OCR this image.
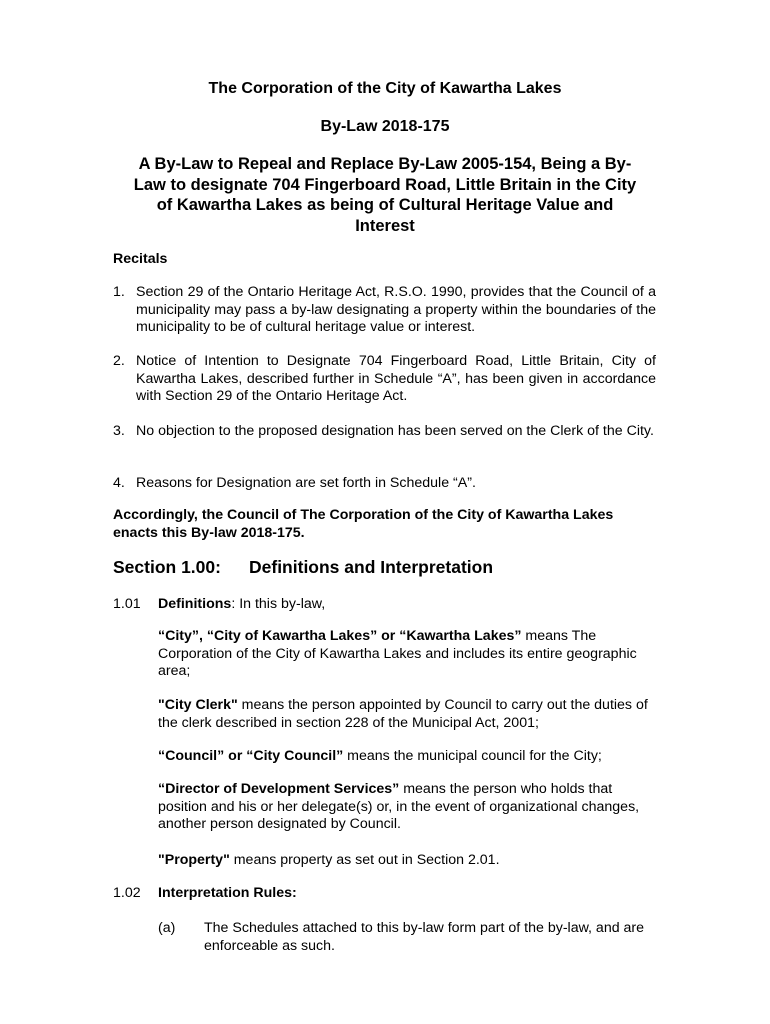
The Corporation of the City of Kawartha Lakes
By-Law 2018-175
A By-Law to Repeal and Replace By-Law 2005-154, Being a By-
Law to designate 704 Fingerboard Road, Little Britain in the City
of Kawartha Lakes as being of Cultural Heritage Value and
Interest
Recitals
1. Section 29 of the Ontario Heritage Act, R.S.O. 1990, provides that the Council of a municipality may pass a by-law designating a property within the boundaries of the municipality to be of cultural heritage value or interest.
2. Notice of Intention to Designate 704 Fingerboard Road, Little Britain, City of Kawartha Lakes, described further in Schedule “A”, has been given in accordance with Section 29 of the Ontario Heritage Act.
3. No objection to the proposed designation has been served on the Clerk of the City.
4. Reasons for Designation are set forth in Schedule “A”.
Accordingly, the Council of The Corporation of the City of Kawartha Lakes enacts this By-law 2018-175.
Section 1.00: Definitions and Interpretation
1.01 Definitions: In this by-law,
“City”, “City of Kawartha Lakes” or “Kawartha Lakes” means The Corporation of the City of Kawartha Lakes and includes its entire geographic area;
"City Clerk" means the person appointed by Council to carry out the duties of the clerk described in section 228 of the Municipal Act, 2001;
“Council” or “City Council” means the municipal council for the City;
“Director of Development Services” means the person who holds that position and his or her delegate(s) or, in the event of organizational changes, another person designated by Council.
"Property" means property as set out in Section 2.01.
1.02 Interpretation Rules:
(a) The Schedules attached to this by-law form part of the by-law, and are enforceable as such.
